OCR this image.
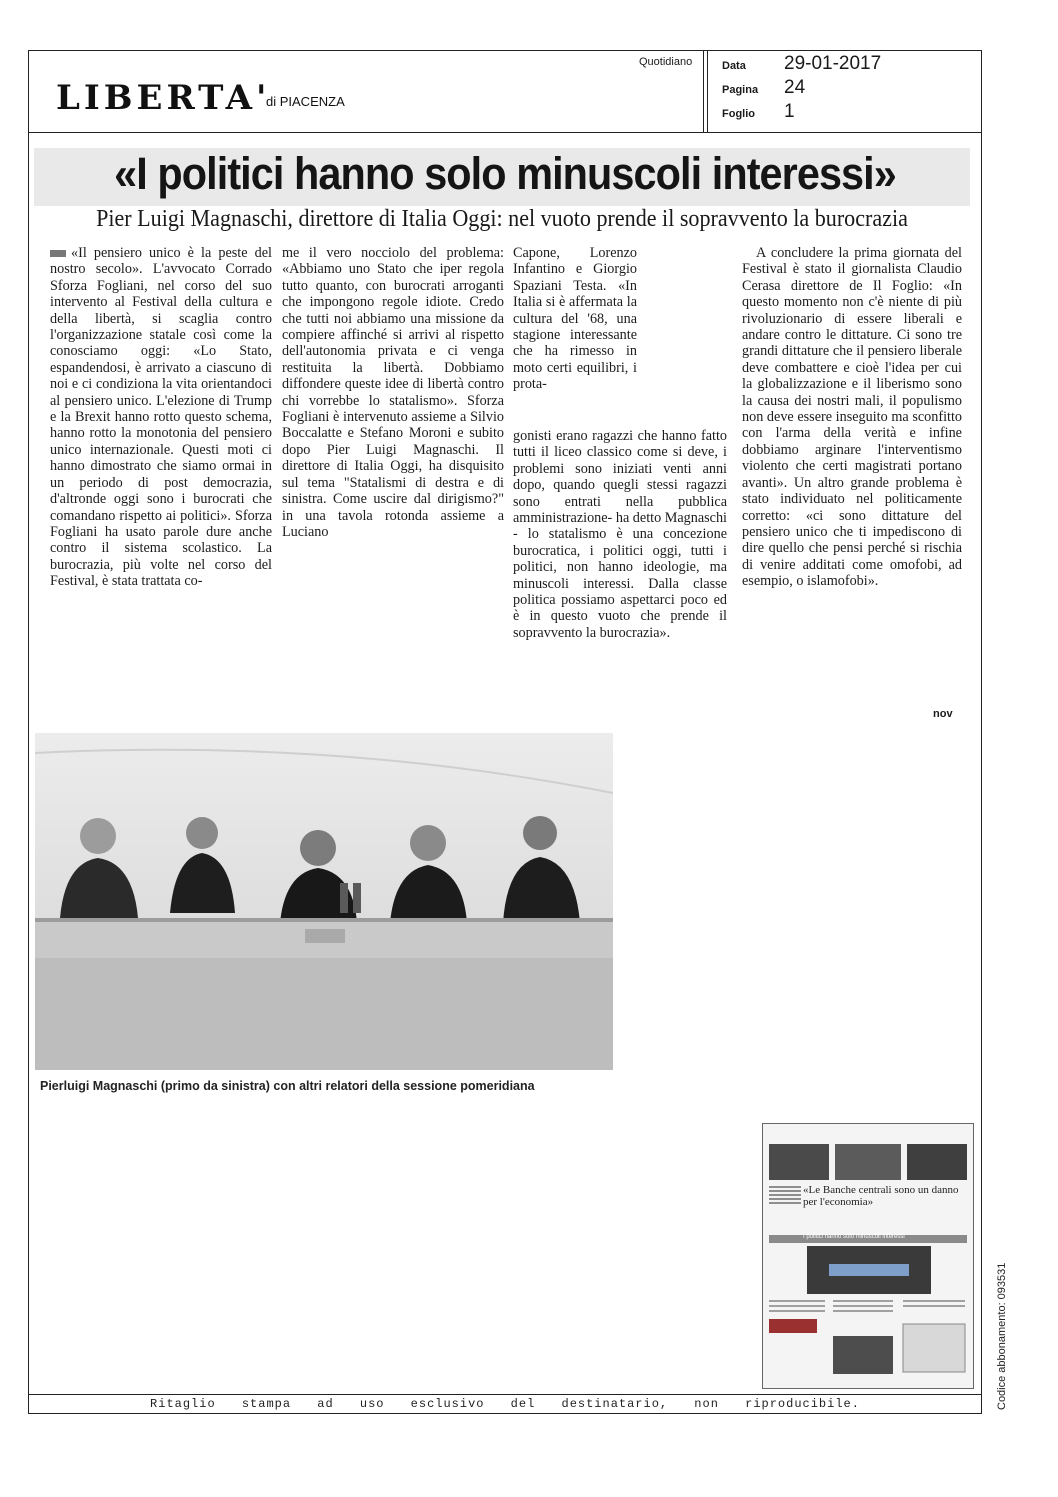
LIBERTA'
di PIACENZA
Quotidiano	Data 29-01-2017
Pagina 24
Foglio 1
«I politici hanno solo minuscoli interessi»
Pier Luigi Magnaschi, direttore di Italia Oggi: nel vuoto prende il sopravvento la burocrazia

«Il pensiero unico è la peste del nostro secolo». L'avvocato Corrado Sforza Fogliani, nel corso del suo intervento al Festival della cultura e della libertà, si scaglia contro l'organizzazione statale così come la conosciamo oggi: «Lo Stato, espandendosi, è arrivato a ciascuno di noi e ci condiziona la vita orientandoci al pensiero unico. L'elezione di Trump e la Brexit hanno rotto questo schema, hanno rotto la monotonia del pensiero unico internazionale. Questi moti ci hanno dimostrato che siamo ormai in un periodo di post democrazia, d'altronde oggi sono i burocrati che comandano rispetto ai politici». Sforza Fogliani ha usato parole dure anche contro il sistema scolastico. La burocrazia, più volte nel corso del Festival, è stata trattata co-

me il vero nocciolo del problema: «Abbiamo uno Stato che iper regola tutto quanto, con burocrati arroganti che impongono regole idiote. Credo che tutti noi abbiamo una missione da compiere affinché si arrivi al rispetto dell'autonomia privata e ci venga restituita la libertà. Dobbiamo diffondere queste idee di libertà contro chi vorrebbe lo statalismo». Sforza Fogliani è intervenuto assieme a Silvio Boccalatte e Stefano Moroni e subito dopo Pier Luigi Magnaschi. Il direttore di Italia Oggi, ha disquisito sul tema "Statalismi di destra e di sinistra. Come uscire dal dirigismo?" in una tavola rotonda assieme a Luciano

Capone, Lorenzo Infantino e Giorgio Spaziani Testa. «In Italia si è affermata la cultura del '68, una stagione interessante che ha rimesso in moto certi equilibri, i prota-

gonisti erano ragazzi che hanno fatto tutti il liceo classico come si deve, i problemi sono iniziati venti anni dopo, quando quegli stessi ragazzi sono entrati nella pubblica amministrazione- ha detto Magnaschi - lo statalismo è una concezione burocratica, i politici oggi, tutti i politici, non hanno ideologie, ma minuscoli interessi. Dalla classe politica possiamo aspettarci poco ed è in questo vuoto che prende il sopravvento la burocrazia».

A concludere la prima giornata del Festival è stato il giornalista Claudio Cerasa direttore de Il Foglio: «In questo momento non c'è niente di più rivoluzionario di essere liberali e andare contro le dittature. Ci sono tre grandi dittature che il pensiero liberale deve combattere e cioè l'idea per cui la globalizzazione e il liberismo sono la causa dei nostri mali, il populismo non deve essere inseguito ma sconfitto con l'arma della verità e infine dobbiamo arginare l'interventismo violento che certi magistrati portano avanti». Un altro grande problema è stato individuato nel politicamente corretto: «ci sono dittature del pensiero unico che ti impediscono di dire quello che pensi perché si rischia di venire additati come omofobi, ad esempio, o islamofobi».

nov
Pierluigi Magnaschi (primo da sinistra) con altri relatori della sessione pomeridiana
«Le Banche centrali sono un danno per l'economia»
I politici hanno solo minuscoli interessi
Codice abbonamento: 093531
Ritaglio stampa ad uso esclusivo del destinatario, non riproducibile.
